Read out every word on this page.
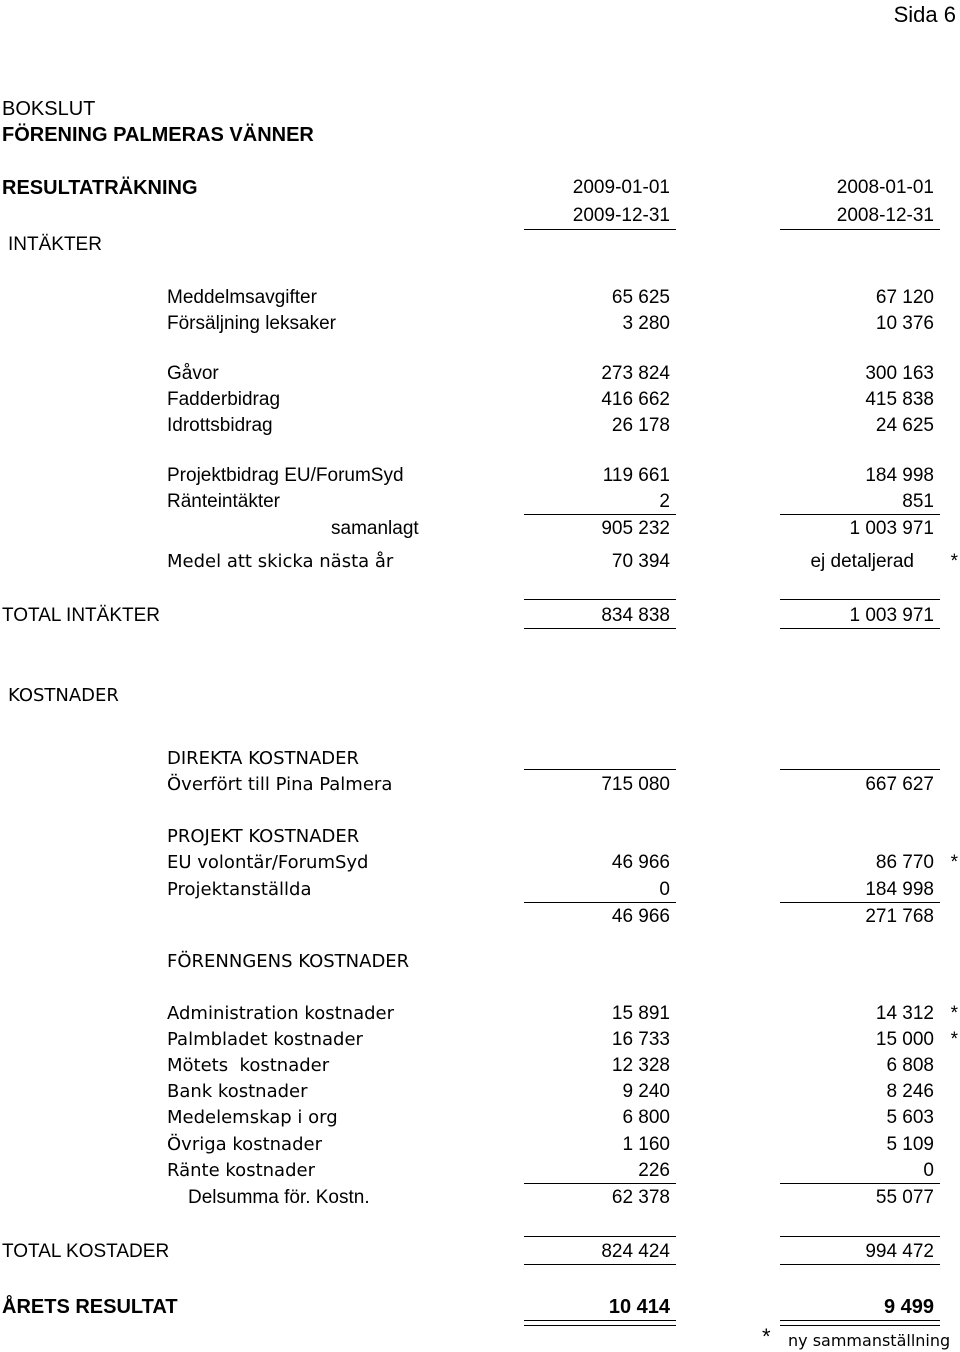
Sida 6
BOKSLUT
FÖRENING PALMERAS VÄNNER
RESULTATRÄKNING	2009-01-01	2008-01-01
2009-12-31	2008-12-31
INTÄKTER
Meddelmsavgifter	65 625	67 120
Försäljning leksaker	3 280	10 376
Gåvor	273 824	300 163
Fadderbidrag	416 662	415 838
Idrottsbidrag	26 178	24 625
Projektbidrag EU/ForumSyd	119 661	184 998
Ränteintäkter	2	851
samanlagt	905 232	1 003 971
Medel att skicka nästa år	70 394	ej detaljerad *
TOTAL INTÄKTER	834 838	1 003 971
KOSTNADER
DIREKTA KOSTNADER
Överfört till Pina Palmera	715 080	667 627
PROJEKT KOSTNADER
EU volontär/ForumSyd	46 966	86 770 *
Projektanställda	0	184 998
46 966	271 768
FÖRENNGENS KOSTNADER
Administration kostnader	15 891	14 312 *
Palmbladet kostnader	16 733	15 000 *
Mötets  kostnader	12 328	6 808
Bank kostnader	9 240	8 246
Medelemskap i org	6 800	5 603
Övriga kostnader	1 160	5 109
Ränte kostnader	226	0
Delsumma för. Kostn.	62 378	55 077
TOTAL KOSTADER	824 424	994 472
ÅRETS RESULTAT	10 414	9 499
* ny sammanställning
